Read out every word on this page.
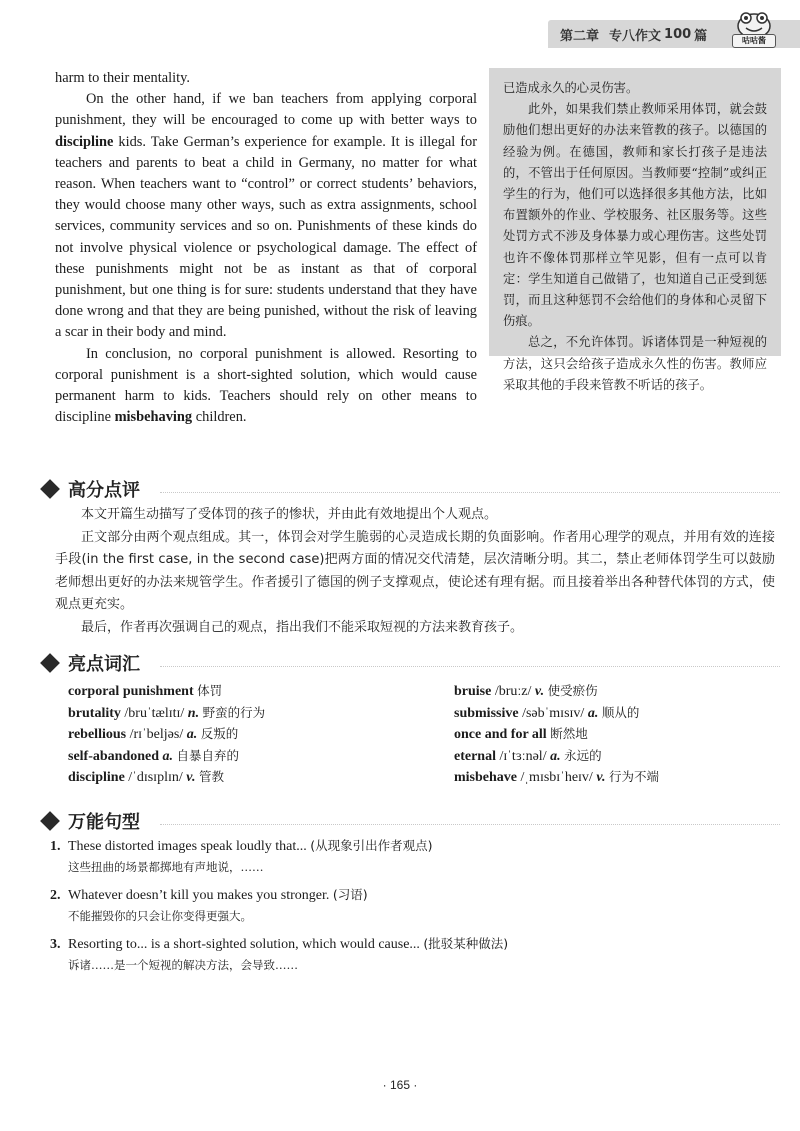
第二章 专八作文 100 篇	咕咕酱

harm to their mentality.

On the other hand, if we ban teachers from applying corporal punishment, they will be encouraged to come up with better ways to discipline kids. Take German’s experience for example. It is illegal for teachers and parents to beat a child in Germany, no matter for what reason. When teachers want to “control” or correct students’ behaviors, they would choose many other ways, such as extra assignments, school services, community services and so on. Punishments of these kinds do not involve physical violence or psychological damage. The effect of these punishments might not be as instant as that of corporal punishment, but one thing is for sure: students understand that they have done wrong and that they are being punished, without the risk of leaving a scar in their body and mind.

In conclusion, no corporal punishment is allowed. Resorting to corporal punishment is a short-sighted solution, which would cause permanent harm to kids. Teachers should rely on other means to discipline misbehaving children.

已造成永久的心灵伤害。

此外，如果我们禁止教师采用体罚，就会鼓励他们想出更好的办法来管教的孩子。以德国的经验为例。在德国，教师和家长打孩子是违法的，不管出于任何原因。当教师要“控制”或纠正学生的行为，他们可以选择很多其他方法，比如布置额外的作业、学校服务、社区服务等。这些处罚方式不涉及身体暴力或心理伤害。这些处罚也许不像体罚那样立竿见影，但有一点可以肯定：学生知道自己做错了，也知道自己正受到惩罚，而且这种惩罚不会给他们的身体和心灵留下伤痕。

总之，不允许体罚。诉诸体罚是一种短视的方法，这只会给孩子造成永久性的伤害。教师应采取其他的手段来管教不听话的孩子。

高分点评

本文开篇生动描写了受体罚的孩子的惨状，并由此有效地提出个人观点。

正文部分由两个观点组成。其一，体罚会对学生脆弱的心灵造成长期的负面影响。作者用心理学的观点，并用有效的连接手段(in the first case, in the second case)把两方面的情况交代清楚，层次清晰分明。其二，禁止老师体罚学生可以鼓励老师想出更好的办法来规管学生。作者援引了德国的例子支撑观点，使论述有理有据。而且接着举出各种替代体罚的方式，使观点更充实。

最后，作者再次强调自己的观点，指出我们不能采取短视的方法来教育孩子。

亮点词汇
corporal punishment 体罚	bruise /bruːz/ v. 使受瘀伤
brutality /bruˈtælɪtɪ/ n. 野蛮的行为	submissive /səbˈmɪsɪv/ a. 顺从的
rebellious /rɪˈbeljəs/ a. 反叛的	once and for all 断然地
self-abandoned a. 自暴自弃的	eternal /ɪˈtɜːnəl/ a. 永远的
discipline /ˈdɪsɪplɪn/ v. 管教	misbehave /ˌmɪsbɪˈheɪv/ v. 行为不端
万能句型
1. These distorted images speak loudly that... (从现象引出作者观点)
这些扭曲的场景都掷地有声地说，……
2. Whatever doesn’t kill you makes you stronger. (习语)
不能摧毁你的只会让你变得更强大。
3. Resorting to... is a short-sighted solution, which would cause... (批驳某种做法)
诉诸……是一个短视的解决方法，会导致……
· 165 ·
